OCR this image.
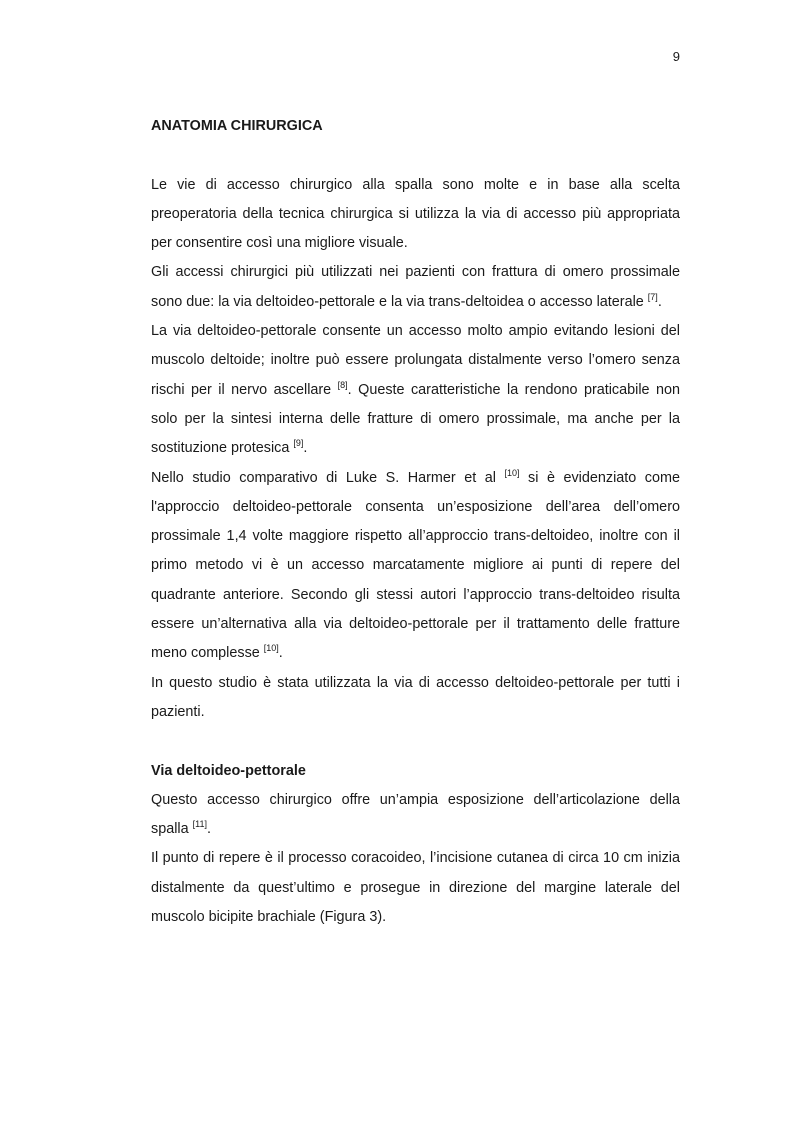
9
ANATOMIA CHIRURGICA

Le vie di accesso chirurgico alla spalla sono molte e in base alla scelta preoperatoria della tecnica chirurgica si utilizza la via di accesso più appropriata per consentire così una migliore visuale.

Gli accessi chirurgici più utilizzati nei pazienti con frattura di omero prossimale sono due: la via deltoideo-pettorale e la via trans-deltoidea o accesso laterale [7].

La via deltoideo-pettorale consente un accesso molto ampio evitando lesioni del muscolo deltoide; inoltre può essere prolungata distalmente verso l’omero senza rischi per il nervo ascellare [8]. Queste caratteristiche la rendono praticabile non solo per la sintesi interna delle fratture di omero prossimale, ma anche per la sostituzione protesica [9].

Nello studio comparativo di Luke S. Harmer et al [10] si è evidenziato come l'approccio deltoideo-pettorale consenta un’esposizione dell’area dell’omero prossimale 1,4 volte maggiore rispetto all’approccio trans-deltoideo, inoltre con il primo metodo vi è un accesso marcatamente migliore ai punti di repere del quadrante anteriore. Secondo gli stessi autori l’approccio trans-deltoideo risulta essere un’alternativa alla via deltoideo-pettorale per il trattamento delle fratture meno complesse [10].

In questo studio è stata utilizzata la via di accesso deltoideo-pettorale per tutti i pazienti.

Via deltoideo-pettorale

Questo accesso chirurgico offre un’ampia esposizione dell’articolazione della spalla [11].

Il punto di repere è il processo coracoideo, l’incisione cutanea di circa 10 cm inizia distalmente da quest’ultimo e prosegue in direzione del margine laterale del muscolo bicipite brachiale (Figura 3).
